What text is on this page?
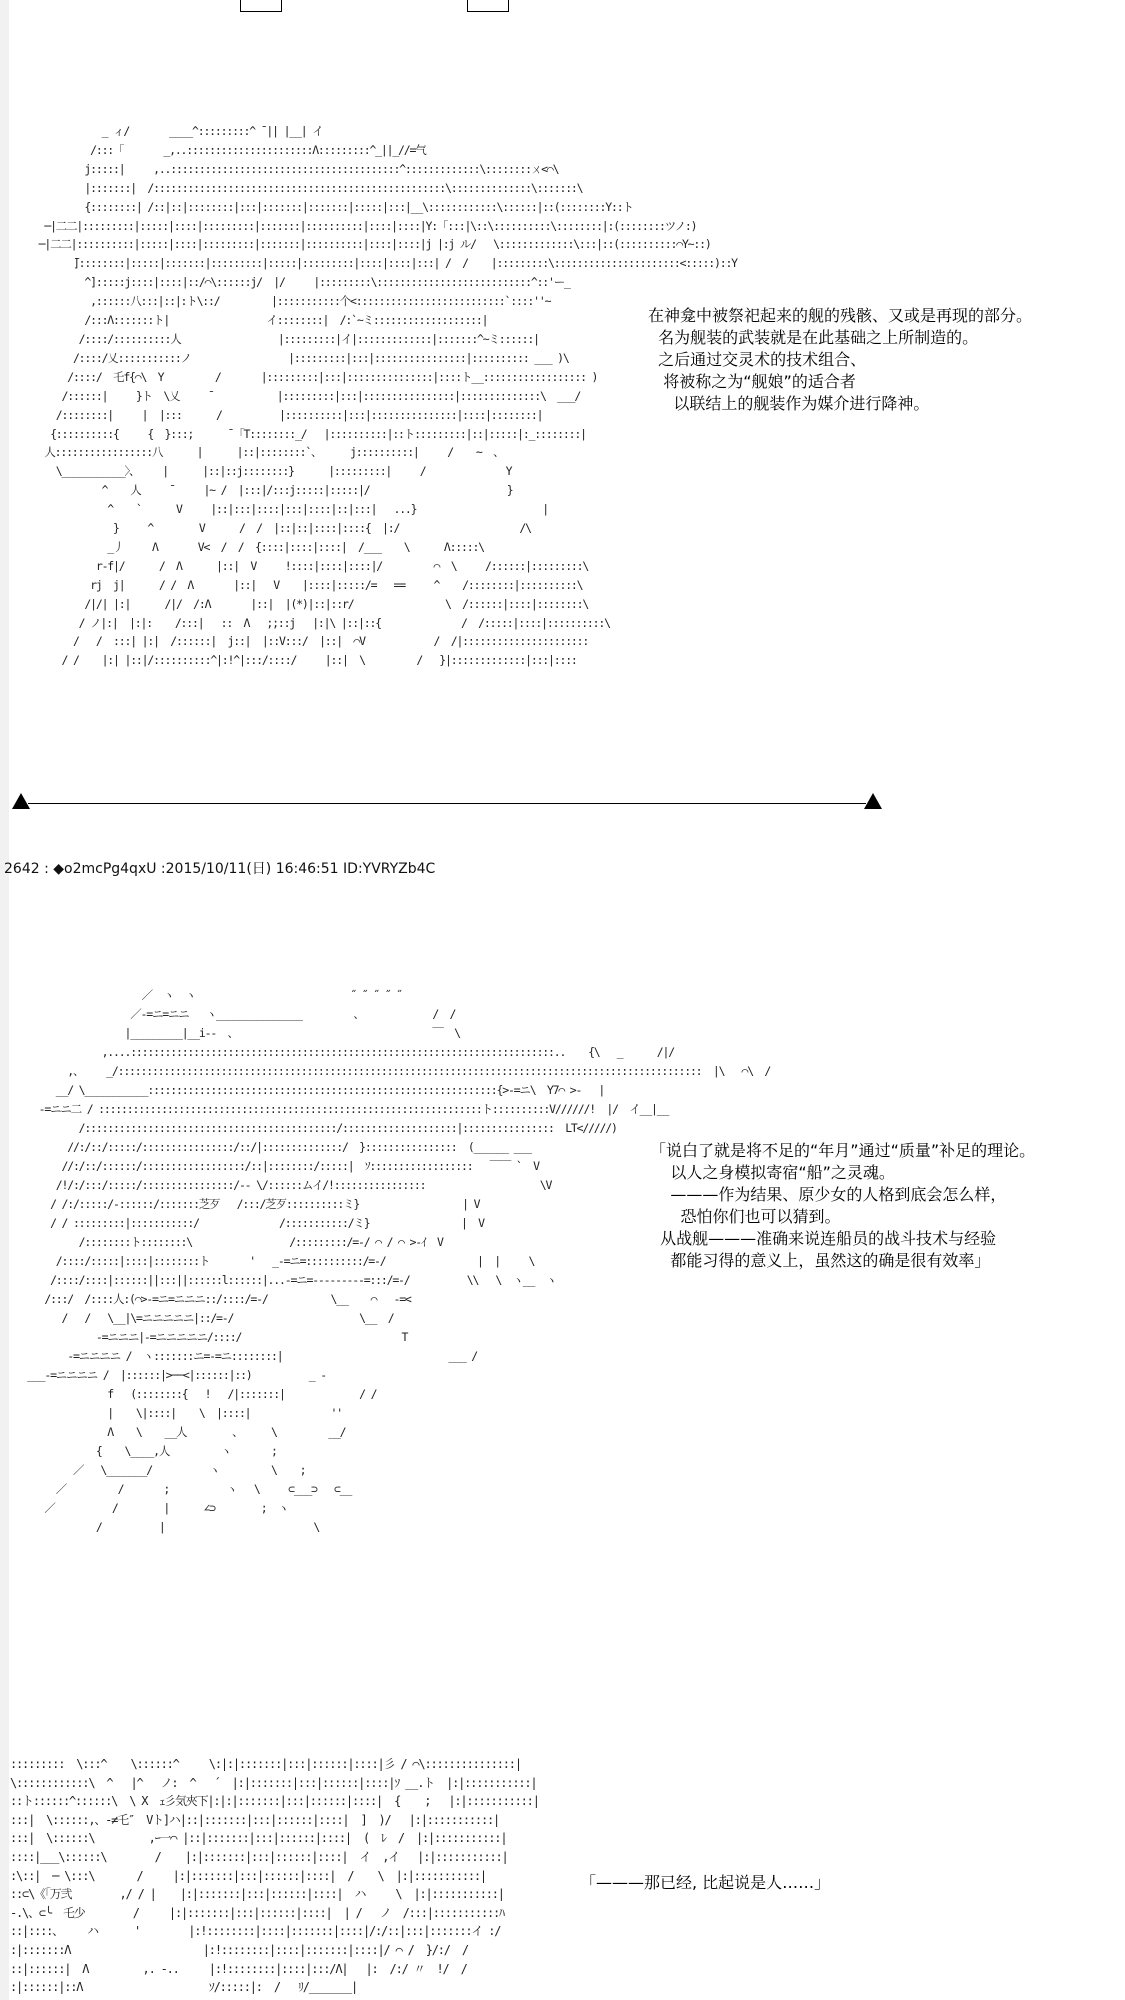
_ ィ/       ____^:::::::::^ ¯|| |__| イ
/:::「       _,..::::::::::::::::::::::Λ:::::::::^_||_//=气
j:::::|     ,..::::::::::::::::::::::::::::::::::::::::^:::::::::::::\::::::::ㄨ<⌒\
|:::::::|  /:::::::::::::::::::::::::::::::::::::::::::::::::::\::::::::::::::\:::::::\
{::::::::| /::|::|::::::::|:::|:::::::|:::::::|:::::|:::|__\::::::::::::\::::::|::(::::::::Y::ト
─|二二|:::::::::|:::::|::::|:::::::::|:::::::|::::::::::|::::|::::|Y:「:::|\::\::::::::::\::::::::|:(::::::::ツノ:)
─|二二|::::::::::|:::::|::::|:::::::::|:::::::|::::::::::|::::|::::|j |:j ル/   \:::::::::::::\:::|::(::::::::::⌒Y~::)
̄]::::::::|:::::|:::::::|:::::::::|:::::|:::::::::|::::|::::|:::| /  /    |:::::::::\::::::::::::::::::::::<:::::)::Y
^]:::::j::::|::::|::/⌒\::::::j/  |/     |:::::::::\:::::::::::::::::::::::::::^::'ー_
,::::::八:::|::|:ト\::/         |:::::::::::个<::::::::::::::::::::::::::`::::''~
/:::Λ:::::::ト|                 イ::::::::|  /:`~ミ:::::::::::::::::::|
/::::/::::::::::人                 |:::::::::|イ|:::::::::::::|:::::::^~ミ::::::|
/::::/乂:::::::::::ノ                 |:::::::::|:::|::::::::::::::::|:::::::::: ___ )\
/::::/  乇f{⌒\  Y         /       |:::::::::|:::|:::::::::::::::|::::ト__:::::::::::::::::: )
/::::::|     }ト  \乂     ¯           |:::::::::|:::|::::::::::::::::|::::::::::::::\  ___/
/::::::::|     |  |:::      /          |::::::::::|:::|:::::::::::::::|::::|::::::::|
{::::::::::{     {  }:::;      ¯「T::::::::_/   |::::::::::|::ト:::::::::|::|:::::|:_::::::::|
人:::::::::::::::::八      |      |::|::::::::`、     j::::::::::|     /    ~  、
\___________〉、    |      |::|::j::::::::}      |:::::::::|     /              Y
^    人     ¯     |~ /  |:::|/:::j:::::|:::::|/                        }
^    `      V     |::|:::|::::|:::|::::|::|:::|   ...}                      |
}     ^        V      /  /  |::|::|::::|::::{  |:/                     /\
_丿     Λ       V<  /  /  {::::|::::|::::|  /___    \      Λ:::::\
r-f|/      /  Λ      |::|  V     !::::|::::|::::|/         ⌒  \     /::::::|:::::::::\
rj  j|      / /  Λ       |::|   V    |::::|:::::/=   ==     ^    /::::::::|::::::::::\
/|/| |:|      /|/  /:Λ       |::|  |(*)|::|::r/                \  /::::::|::::|::::::::\
/ ノ|:|  |:|:    /:::|   ::  Λ   ;;::j   |:|\ |::|::{              /  /:::::|::::|::::::::::\
/   /  :::| |:|  /::::::|  j::|  |::V:::/  |::|  ⌒V            /  /|::::::::::::::::::::::
/ /    |:| |::|/::::::::::^|:!^|:::/::::/     |::|  \         /   }|:::::::::::::|:::|::::
在神龛中被祭祀起来的舰的残骸、又或是再现的部分。
名为舰装的武装就是在此基础之上所制造的。
之后通过交灵术的技术组合、
将被称之为“舰娘”的适合者
以联结上的舰装作为媒介进行降神。
2642 : ◆o2mcPg4qxU :2015/10/11(日) 16:46:51 ID:YVRYZb4C
／  ヽ  ヽ                           ˝ ˝ ˝ ˝ ˝
／-=ニ=ニニ   ヽ_______________         、            /  /
|_________|__i--  、                                  ￣  \
,....::::::::::::::::::::::::::::::::::::::::::::::::::::::::::::::::::::::::::..    {\   _      /|/
,、    _/::::::::::::::::::::::::::::::::::::::::::::::::::::::::::::::::::::::::::::::::::::::::::::::::::::::  |\   ⌒\  /
__/ \___________:::::::::::::::::::::::::::::::::::::::::::::::::::::::::::::{>-=ニ\  Y7⌒ >-   |
-=ニニ二 / :::::::::::::::::::::::::::::::::::::::::::::::::::::::::::::::::::ト::::::::::V//////!  |/  イ__|__
/::::::::::::::::::::::::::::::::::::::::::::/::::::::::::::::::::|::::::::::::::::  LT</////)
//:/::/:::::/::::::::::::::::/::/|::::::::::::::/  }::::::::::::::::  (______ ___
//:/::/::::::/::::::::::::::::::/::|::::::::/:::::|  ｿ::::::::::::::::::   ￣￣ `  V
/!/:/:::/:::::/::::::::::::::::/-- \/::::::ムイ/!::::::::::::::::                    \V
/ /:/:::::/-::::::/:::::::芝歹   /:::/芝歹::::::::::ミ}                  | V
/ / :::::::::|:::::::::::/              /:::::::::::/ミ}                |  V
/::::::::ト::::::::\                 /:::::::::/=-/ ⌒ / ⌒ >-ｲ  V
/::::/:::::|::::|::::::::ト       '   _-=ニ=::::::::::/=-/                |  |     \
/::::/::::|::::::||:::||::::::l::::::|...-=ニ=---------=:::/=-/          \\   \  ヽ__  ヽ
/:::/  /::::人:(⌒>-=ニ=ニニニ::/::::/=-/           \__    ⌒   -=<
/   /   \__|\=ニニニニニ|::/=-/                      \__  /
-=ニニニ|-=ニニニニニ/::::/                            T
-=ニニニニ /  ヽ:::::::ニ=-=ニ::::::::|                             ___ /
___-=ニニニニ /  |::::::|>──<|::::::|::)          _ -
f   (::::::::{   !   /|:::::::|             / /
|    \|::::|    \  |::::|              ''
Λ    \    __人        、     \         __/
{    \____,人         ヽ       ;
／   \_______/          ヽ         \    ;
／         /       ;          ヽ   \     ⊂___⊃   ⊂__
／          /        |      ∠⊃        ;  ヽ
/          |                          \
「说白了就是将不足的“年月”通过“质量”补足的理论。
以人之身模拟寄宿“船”之灵魂。
———作为结果、原少女的人格到底会怎么样，
恐怕你们也可以猜到。
从战舰———准确来说连船员的战斗技术与经验
都能习得的意义上，虽然这的确是很有效率」
:::::::::  \:::^    \::::::^     \:|:|:::::::|:::|::::::|::::|彡 / ⌒\:::::::::::::::|
\::::::::::::\  ^   |^   ノ:  ^   ´  |:|:::::::|:::|::::::|::::|ｿ __.ト  |:|:::::::::::|
::ト::::::^::::::\  \ X  ｪ彡気夾下|:|:|:::::::|:::|::::::|::::|  {    ;   |:|:::::::::::|
:::|  \::::::,、-≠乇″  Vト]ハ|::|:::::::|:::|::::::|::::|  ]  )/   |:|:::::::::::|
:::|  \::::::\         ,ｰ一⌒ |::|:::::::|:::|::::::|::::|  (  ﾚ  /  |:|:::::::::::|
::::|___\::::::\        /    |:|:::::::|:::|::::::|::::|  イ  ,イ   |:|:::::::::::|
:\::|  ─ \:::\       /     |:|:::::::|:::|::::::|::::|  /    \  |:|:::::::::::|
::⊂\《「万弐        ,/ / |    |:|:::::::|:::|::::::|::::|  ハ     \  |:|:::::::::::|
-.\、⊂╰  乇少        /     |:|:::::::|:::|::::::|::::|  | /   ノ  /:::|:::::::::::ﾊ
::|::::、    ハ      '        |:!::::::::|::::|:::::::|::::|/:/::|:::|:::::::イ :/
:|:::::::Λ                      |:!::::::::|::::|:::::::|::::|/ ⌒ /  }/:/  /
::|::::::|  Λ         ,. -..     |:!::::::::|::::|:::/Λ|   |:  /:/ 〃  !/  /
:|::::::|::Λ                     ｿ/:::::|:  /   ﾘ/_______|
「———那已经, 比起说是人……」
